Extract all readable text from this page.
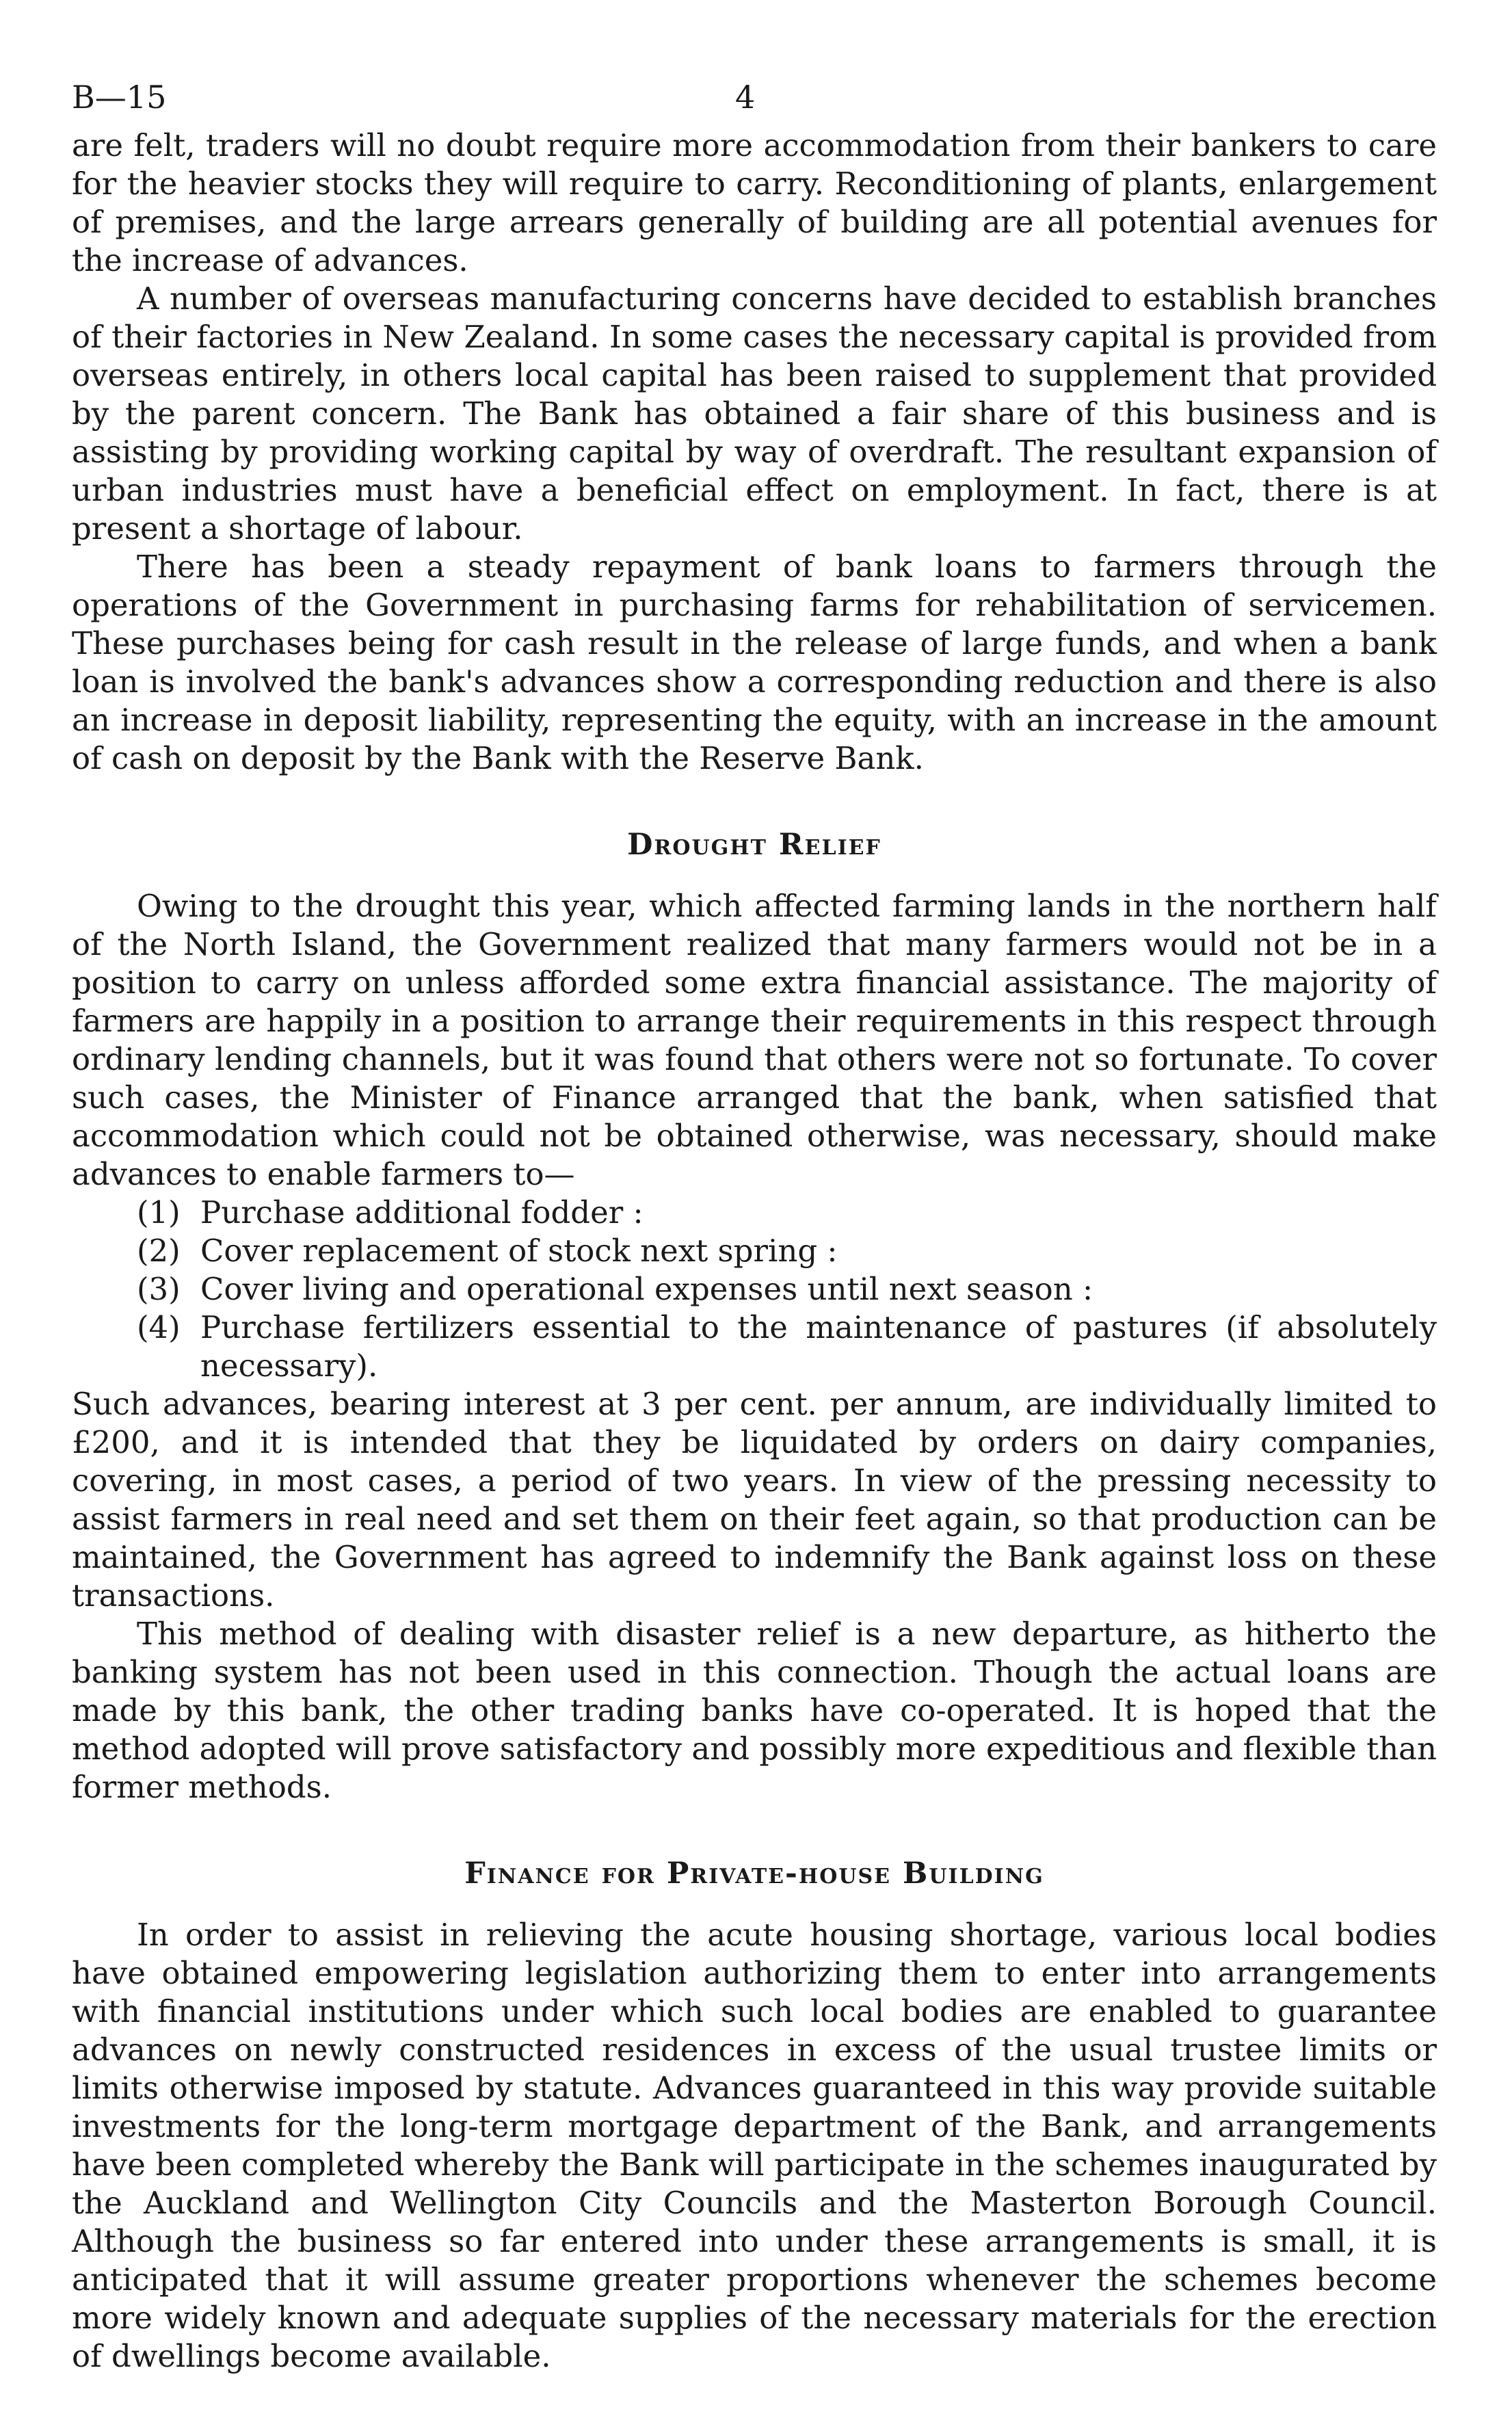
B—15	4

are felt, traders will no doubt require more accommodation from their bankers to care for the heavier stocks they will require to carry. Reconditioning of plants, enlargement of premises, and the large arrears generally of building are all potential avenues for the increase of advances.

A number of overseas manufacturing concerns have decided to establish branches of their factories in New Zealand. In some cases the necessary capital is provided from overseas entirely, in others local capital has been raised to supplement that provided by the parent concern. The Bank has obtained a fair share of this business and is assisting by providing working capital by way of overdraft. The resultant expansion of urban industries must have a beneficial effect on employment. In fact, there is at present a shortage of labour.

There has been a steady repayment of bank loans to farmers through the operations of the Government in purchasing farms for rehabilitation of servicemen. These purchases being for cash result in the release of large funds, and when a bank loan is involved the bank's advances show a corresponding reduction and there is also an increase in deposit liability, representing the equity, with an increase in the amount of cash on deposit by the Bank with the Reserve Bank.

Drought Relief

Owing to the drought this year, which affected farming lands in the northern half of the North Island, the Government realized that many farmers would not be in a position to carry on unless afforded some extra financial assistance. The majority of farmers are happily in a position to arrange their requirements in this respect through ordinary lending channels, but it was found that others were not so fortunate. To cover such cases, the Minister of Finance arranged that the bank, when satisfied that accommodation which could not be obtained otherwise, was necessary, should make advances to enable farmers to—

(1) Purchase additional fodder :
(2) Cover replacement of stock next spring :
(3) Cover living and operational expenses until next season :
(4) Purchase fertilizers essential to the maintenance of pastures (if absolutely necessary).

Such advances, bearing interest at 3 per cent. per annum, are individually limited to £200, and it is intended that they be liquidated by orders on dairy companies, covering, in most cases, a period of two years. In view of the pressing necessity to assist farmers in real need and set them on their feet again, so that production can be maintained, the Government has agreed to indemnify the Bank against loss on these transactions.

This method of dealing with disaster relief is a new departure, as hitherto the banking system has not been used in this connection. Though the actual loans are made by this bank, the other trading banks have co-operated. It is hoped that the method adopted will prove satisfactory and possibly more expeditious and flexible than former methods.

Finance for Private-house Building

In order to assist in relieving the acute housing shortage, various local bodies have obtained empowering legislation authorizing them to enter into arrangements with financial institutions under which such local bodies are enabled to guarantee advances on newly constructed residences in excess of the usual trustee limits or limits otherwise imposed by statute. Advances guaranteed in this way provide suitable investments for the long-term mortgage department of the Bank, and arrangements have been completed whereby the Bank will participate in the schemes inaugurated by the Auckland and Wellington City Councils and the Masterton Borough Council. Although the business so far entered into under these arrangements is small, it is anticipated that it will assume greater proportions whenever the schemes become more widely known and adequate supplies of the necessary materials for the erection of dwellings become available.
